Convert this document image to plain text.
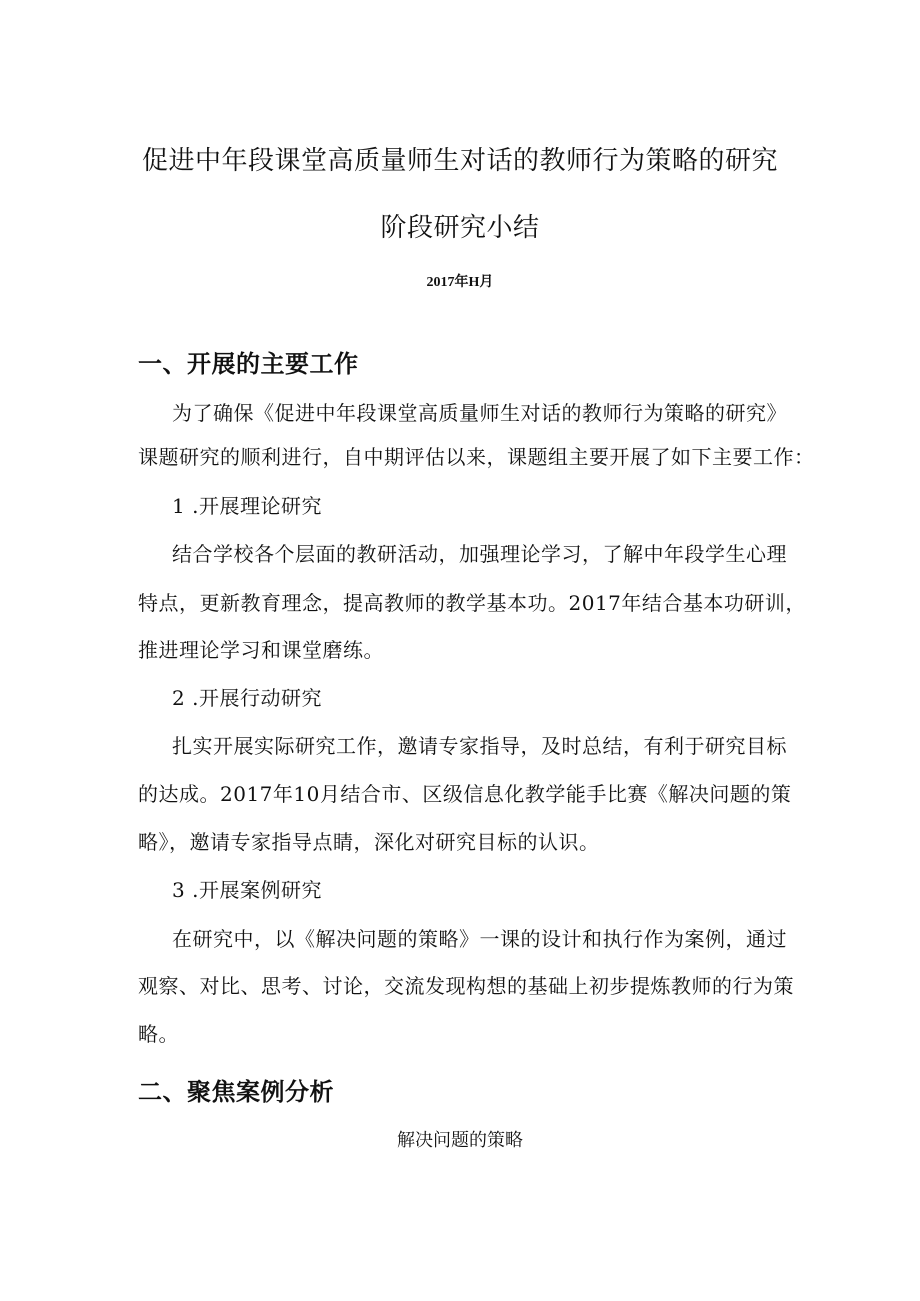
促进中年段课堂高质量师生对话的教师行为策略的研究
阶段研究小结
2017年H月
一、开展的主要工作

为了确保《促进中年段课堂高质量师生对话的教师行为策略的研究》

课题研究的顺利进行，自中期评估以来，课题组主要开展了如下主要工作：

1 .开展理论研究

结合学校各个层面的教研活动，加强理论学习，了解中年段学生心理

特点，更新教育理念，提高教师的教学基本功。2017年结合基本功研训，

推进理论学习和课堂磨练。

2 .开展行动研究

扎实开展实际研究工作，邀请专家指导，及时总结，有利于研究目标

的达成。2017年10月结合市、区级信息化教学能手比赛《解决问题的策

略》，邀请专家指导点睛，深化对研究目标的认识。

3 .开展案例研究

在研究中，以《解决问题的策略》一课的设计和执行作为案例，通过

观察、对比、思考、讨论，交流发现构想的基础上初步提炼教师的行为策

略。

二、聚焦案例分析
解决问题的策略
